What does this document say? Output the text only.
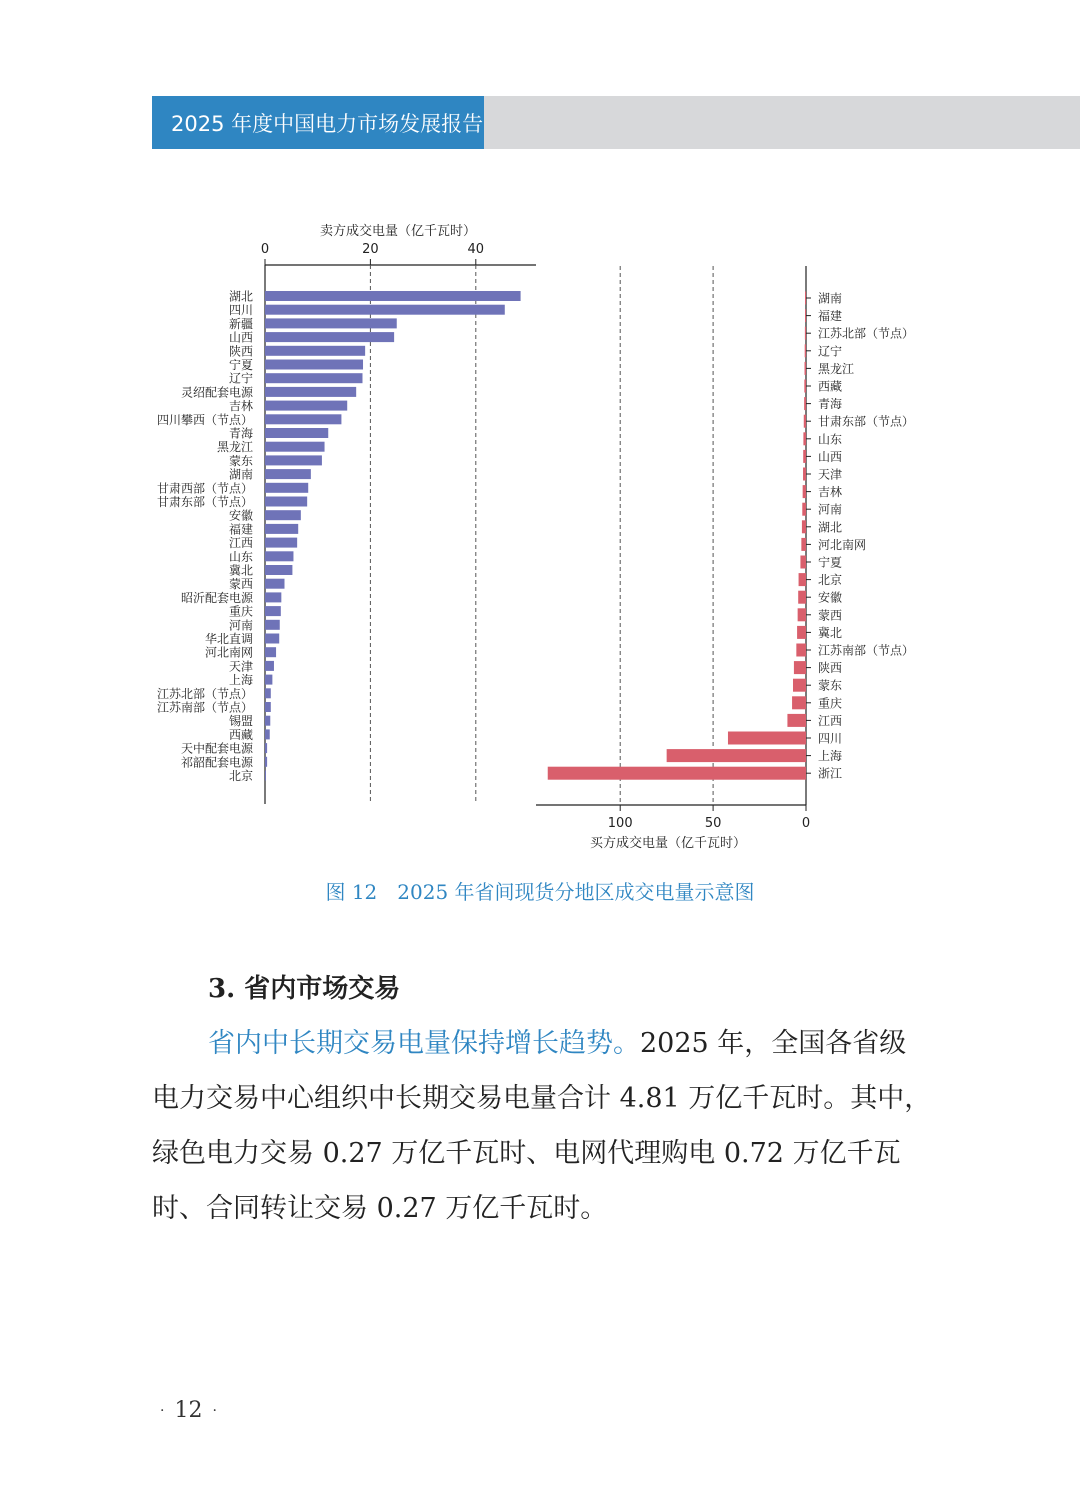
2025 年度中国电力市场发展报告
0	20	40
卖方成交电量（亿千瓦时）
湖北
四川
新疆
山西
陕西
宁夏
辽宁
灵绍配套电源
吉林
四川攀西（节点）
青海
黑龙江
蒙东
湖南
甘肃西部（节点）
甘肃东部（节点）
安徽
福建
江西
山东
冀北
蒙西
昭沂配套电源
重庆
河南
华北直调
河北南网
天津
上海
江苏北部（节点）
江苏南部（节点）
锡盟
西藏
天中配套电源
祁韶配套电源
北京
100	50	0
买方成交电量（亿千瓦时）
湖南
福建
江苏北部（节点）
辽宁
黑龙江
西藏
青海
甘肃东部（节点）
山东
山西
天津
吉林
河南
湖北
河北南网
宁夏
北京
安徽
蒙西
冀北
江苏南部（节点）
陕西
蒙东
重庆
江西
四川
上海
浙江
图 12　2025 年省间现货分地区成交电量示意图
3. 省内市场交易
省内中长期交易电量保持增长趋势。2025 年，全国各省级电力交易中心组织中长期交易电量合计 4.81 万亿千瓦时。其中，绿色电力交易 0.27 万亿千瓦时、电网代理购电 0.72 万亿千瓦时、合同转让交易 0.27 万亿千瓦时。
· 12 ·
